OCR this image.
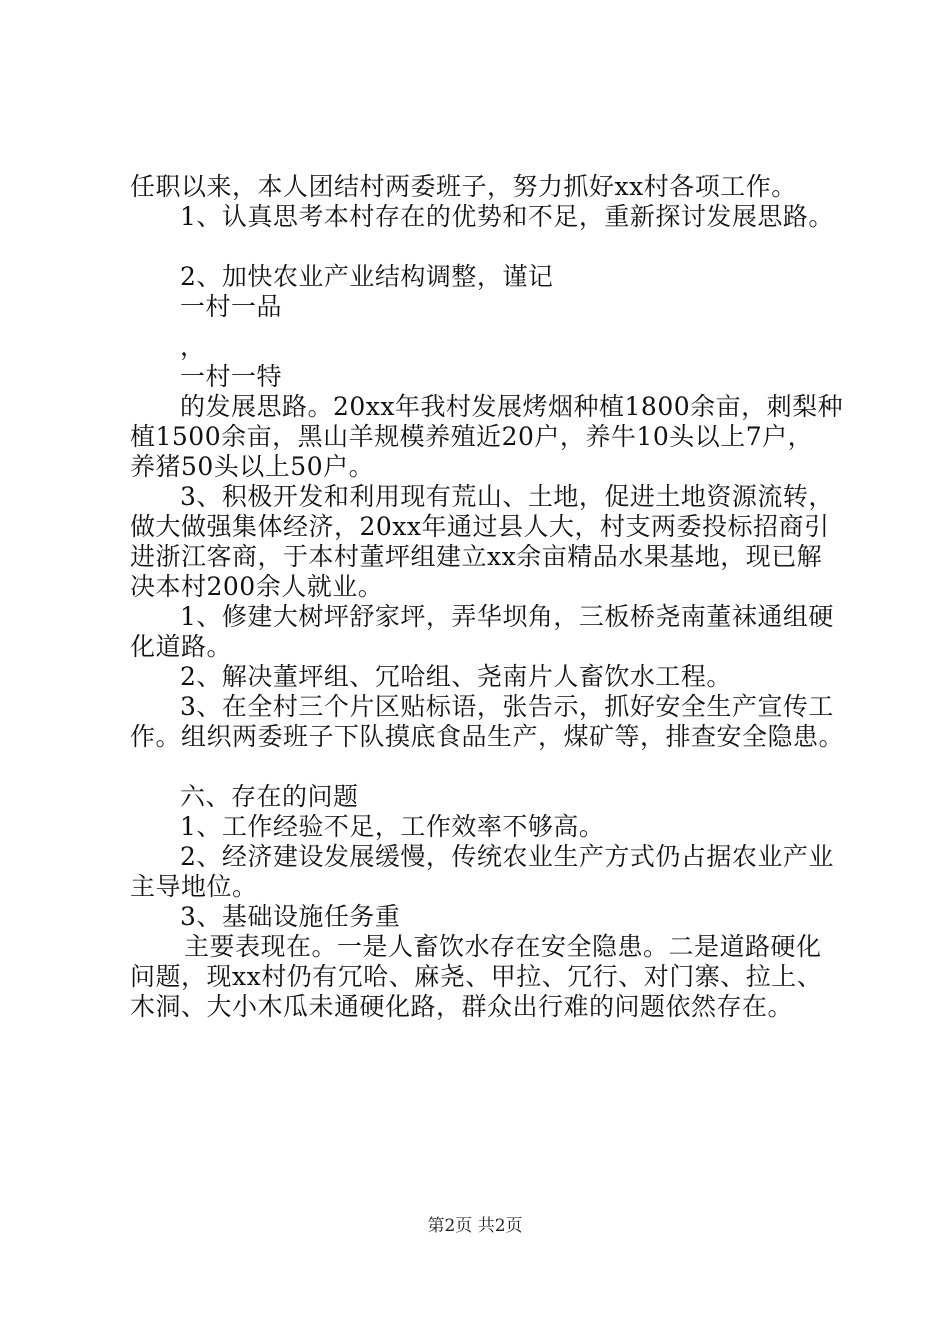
任职以来，本人团结村两委班子，努力抓好xx村各项工作。
1、认真思考本村存在的优势和不足，重新探讨发展思路。
2、加快农业产业结构调整，谨记
一村一品
，
一村一特
的发展思路。20xx年我村发展烤烟种植1800余亩，刺梨种
植1500余亩，黑山羊规模养殖近20户，养牛10头以上7户，
养猪50头以上50户。
3、积极开发和利用现有荒山、土地，促进土地资源流转，
做大做强集体经济，20xx年通过县人大，村支两委投标招商引
进浙江客商，于本村董坪组建立xx余亩精品水果基地，现已解
决本村200余人就业。
1、修建大树坪舒家坪，弄华坝角，三板桥尧南董袜通组硬
化道路。
2、解决董坪组、冗哈组、尧南片人畜饮水工程。
3、在全村三个片区贴标语，张告示，抓好安全生产宣传工
作。组织两委班子下队摸底食品生产，煤矿等，排查安全隐患。
六、存在的问题
1、工作经验不足，工作效率不够高。
2、经济建设发展缓慢，传统农业生产方式仍占据农业产业
主导地位。
3、基础设施任务重
主要表现在。一是人畜饮水存在安全隐患。二是道路硬化
问题，现xx村仍有冗哈、麻尧、甲拉、冗行、对门寨、拉上、
木洞、大小木瓜未通硬化路，群众出行难的问题依然存在。
第2页 共2页
